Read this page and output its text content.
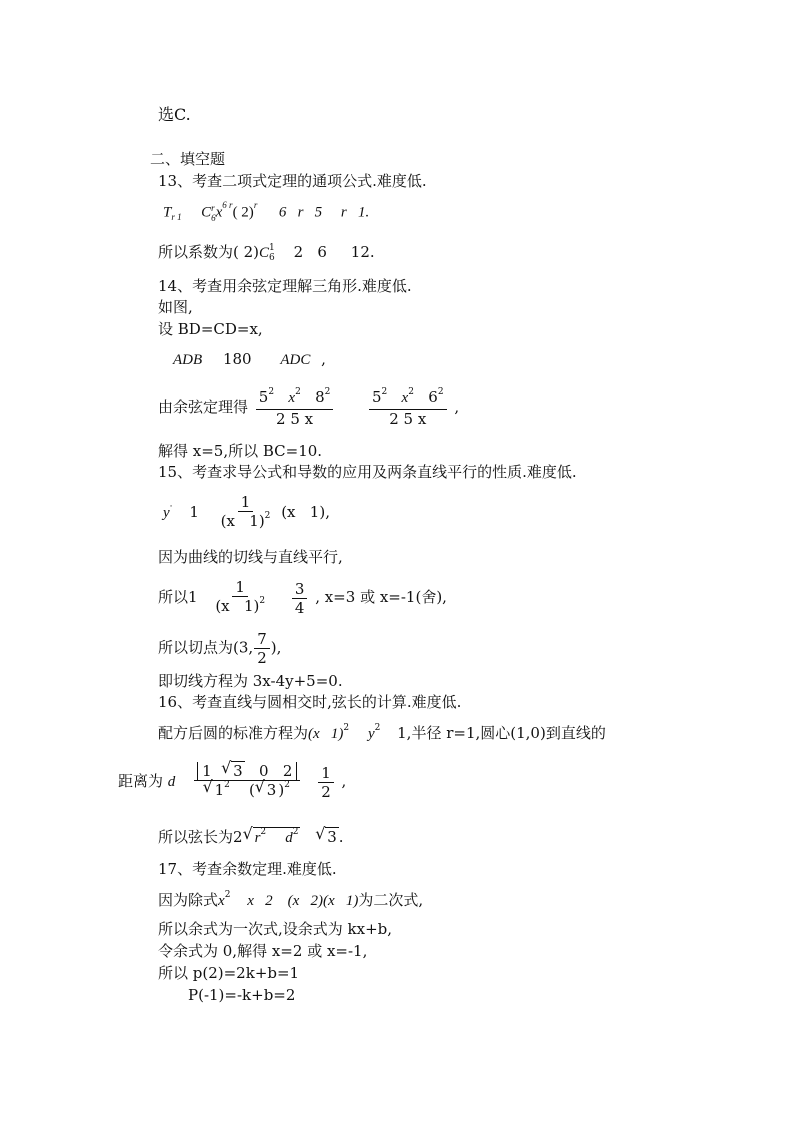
选C.
二、填空题
13、考查二项式定理的通项公式.难度低.
$T_{r 1}$ C r
6 $x^{6 r}$( 2)$^r$ 6   r   5     r   1.
所以系数为( 2)C 1
6 2   6     12.
14、考查用余弦定理解三角形.难度低.
如图,
设 BD=CD=x,
ADB 180 ADC ,
由余弦定理得 $\frac{5^2 x^2 8^2}{2 5 x}$
$\frac{5^2 x^2 6^2}{2 5 x}$ ,
解得 x=5,所以 BC=10.
15、考查求导公式和导数的应用及两条直线平行的性质.难度低.
y· $1 \frac{1}{(x 1)^2} (x$   1),
因为曲线的切线与直线平行,
所以$1 \frac{1}{(x 1)^2}$
$\frac{3}{4}$ , x=3 或 x=-1(舍),
所以切点为(3, $\frac{7}{2}$ ),
即切线方程为 3x-4y+5=0.
16、考查直线与圆相交时,弦长的计算.难度低.
配方后圆的标准方程为(x   1)$^2$ $y^2$ 1,半径 r=1,圆心(1,0)到直线的
距离为 d $\frac{1 √ 3 0 2}{√ 1^2 ( √ 3 )^2}$
$\frac{1}{2}$ ,
所以弦长为2 √ $r^2$ $d^2$ √ 3 .
17、考查余数定理.难度低.
因为除式$x^2$ x   2    (x   2)(x   1)为二次式,
所以余式为一次式,设余式为 kx+b,
令余式为 0,解得 x=2 或 x=-1,
所以 p(2)=2k+b=1
P(-1)=-k+b=2
